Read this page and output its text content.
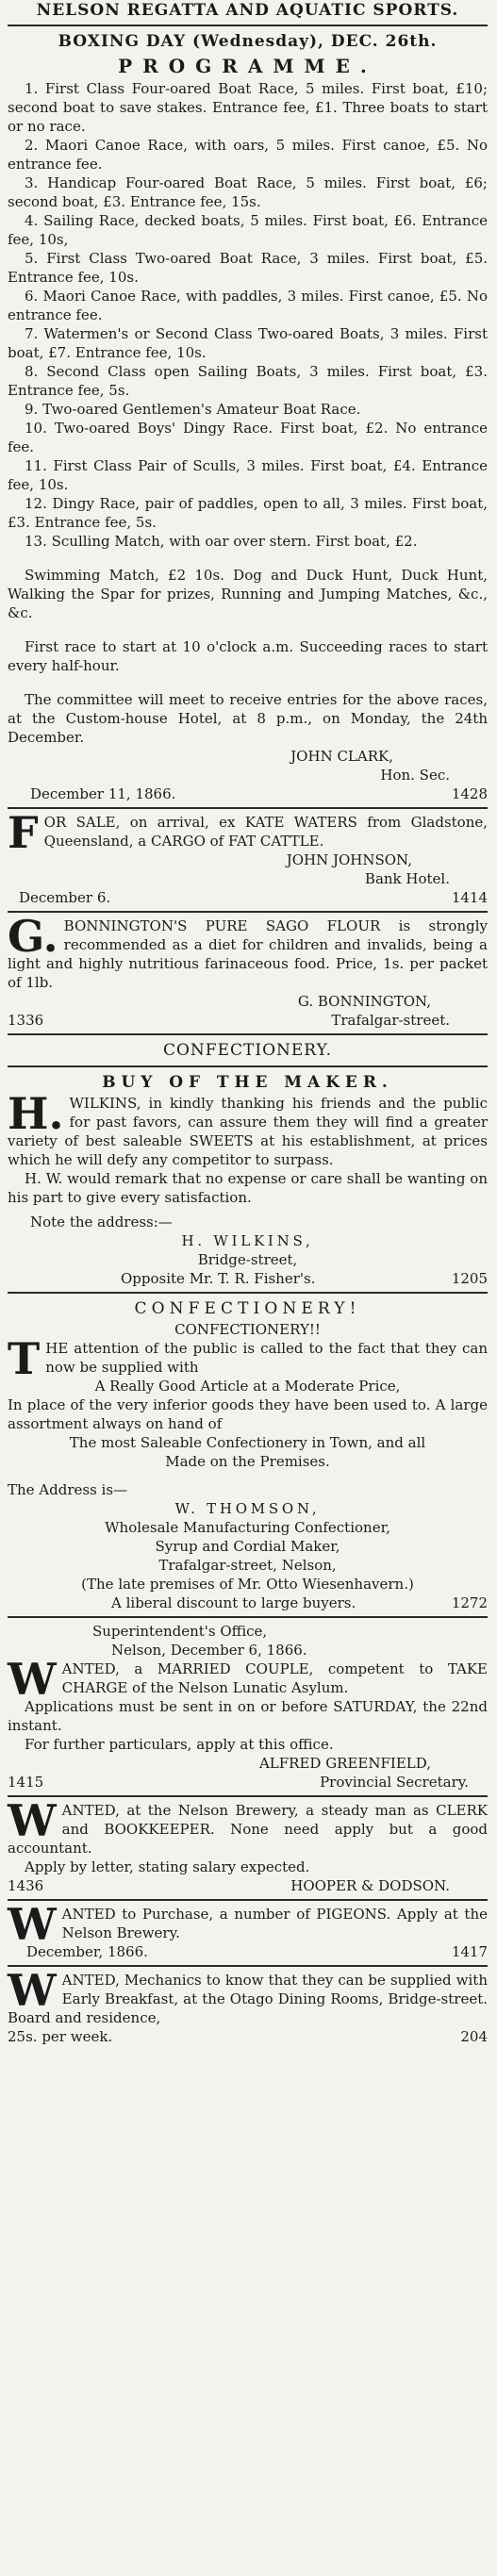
NELSON REGATTA AND AQUATIC SPORTS.
BOXING DAY (Wednesday), DEC. 26th.
PROGRAMME.

1. First Class Four-oared Boat Race, 5 miles. First boat, £10; second boat to save stakes. Entrance fee, £1. Three boats to start or no race.

2. Maori Canoe Race, with oars, 5 miles. First canoe, £5. No entrance fee.

3. Handicap Four-oared Boat Race, 5 miles. First boat, £6; second boat, £3. Entrance fee, 15s.

4. Sailing Race, decked boats, 5 miles. First boat, £6. Entrance fee, 10s,

5. First Class Two-oared Boat Race, 3 miles. First boat, £5. Entrance fee, 10s.

6. Maori Canoe Race, with paddles, 3 miles. First canoe, £5. No entrance fee.

7. Watermen's or Second Class Two-oared Boats, 3 miles. First boat, £7. Entrance fee, 10s.

8. Second Class open Sailing Boats, 3 miles. First boat, £3. Entrance fee, 5s.

9. Two-oared Gentlemen's Amateur Boat Race.

10. Two-oared Boys' Dingy Race. First boat, £2. No entrance fee.

11. First Class Pair of Sculls, 3 miles. First boat, £4. Entrance fee, 10s.

12. Dingy Race, pair of paddles, open to all, 3 miles. First boat, £3. Entrance fee, 5s.

13. Sculling Match, with oar over stern. First boat, £2.

Swimming Match, £2 10s. Dog and Duck Hunt, Duck Hunt, Walking the Spar for prizes, Running and Jumping Matches, &c., &c.

First race to start at 10 o'clock a.m. Succeeding races to start every half-hour.

The committee will meet to receive entries for the above races, at the Custom-house Hotel, at 8 p.m., on Monday, the 24th December.

JOHN CLARK,
Hon. Sec.
December 11, 1866.	1428

FOR SALE, on arrival, ex KATE WATERS from Gladstone, Queensland, a CARGO of FAT CATTLE.

JOHN JOHNSON,
Bank Hotel.
December 6.	1414

G. BONNINGTON'S PURE SAGO FLOUR is strongly recommended as a diet for children and invalids, being a light and highly nutritious farinaceous food. Price, 1s. per packet of 1lb.

G. BONNINGTON,
1336	Trafalgar-street.
CONFECTIONERY.
BUY OF THE MAKER.

H. WILKINS, in kindly thanking his friends and the public for past favors, can assure them they will find a greater variety of best saleable SWEETS at his establishment, at prices which he will defy any competitor to surpass.

H. W. would remark that no expense or care shall be wanting on his part to give every satisfaction.

Note the address:—
H. WILKINS,
Bridge-street,
Opposite Mr. T. R. Fisher's.	1205
CONFECTIONERY!
CONFECTIONERY!!

THE attention of the public is called to the fact that they can now be supplied with

A Really Good Article at a Moderate Price,

In place of the very inferior goods they have been used to. A large assortment always on hand of

The most Saleable Confectionery in Town, and all
Made on the Premises.
The Address is—
W. THOMSON,
Wholesale Manufacturing Confectioner,
Syrup and Cordial Maker,
Trafalgar-street, Nelson,
(The late premises of Mr. Otto Wiesenhavern.)
A liberal discount to large buyers.	1272
Superintendent's Office,
Nelson, December 6, 1866.

WANTED, a MARRIED COUPLE, competent to TAKE CHARGE of the Nelson Lunatic Asylum.

Applications must be sent in on or before SATURDAY, the 22nd instant.

For further particulars, apply at this office.

ALFRED GREENFIELD,
1415	Provincial Secretary.

WANTED, at the Nelson Brewery, a steady man as CLERK and BOOKKEEPER. None need apply but a good accountant.

Apply by letter, stating salary expected.

1436	HOOPER & DODSON.

WANTED to Purchase, a number of PIGEONS. Apply at the Nelson Brewery.

December, 1866.	1417

WANTED, Mechanics to know that they can be supplied with Early Breakfast, at the Otago Dining Rooms, Bridge-street. Board and residence,

25s. per week.	204
